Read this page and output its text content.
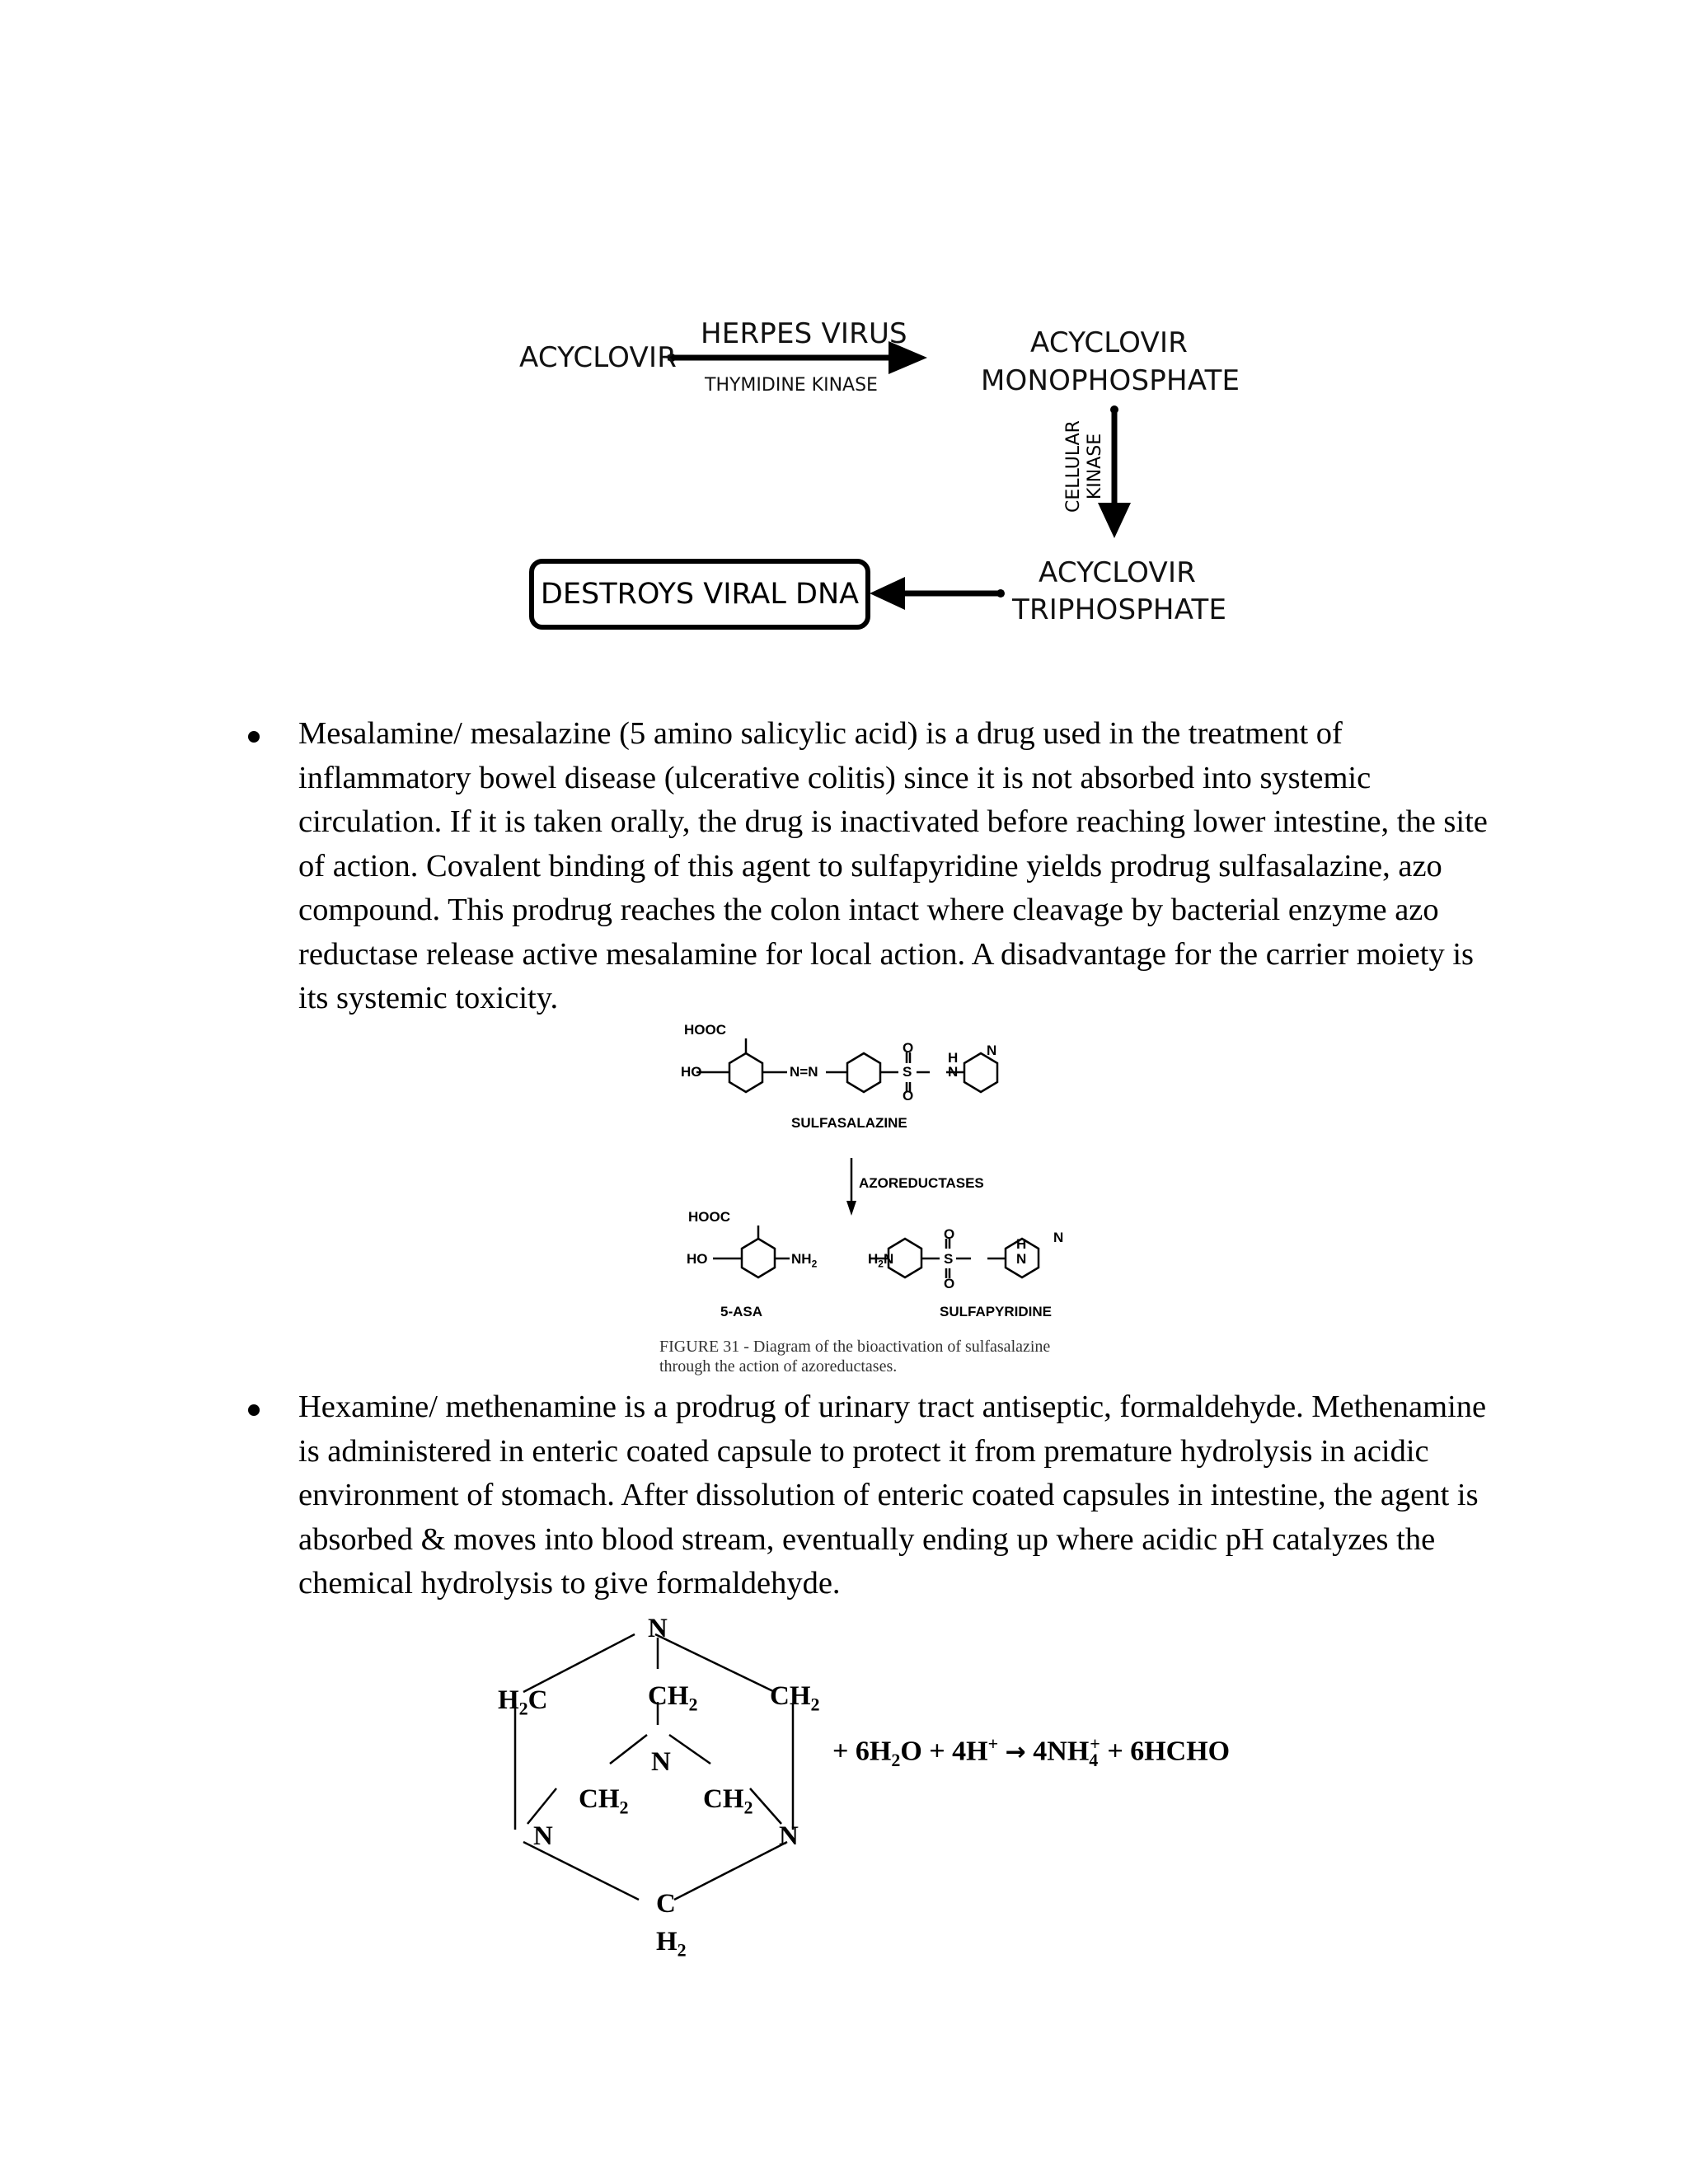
ACYCLOVIR
HERPES VIRUS
THYMIDINE KINASE
ACYCLOVIR
MONOPHOSPHATE
CELLULAR KINASE
ACYCLOVIR
TRIPHOSPHATE
DESTROYS VIRAL DNA
Mesalamine/ mesalazine (5 amino salicylic acid) is a drug used in the treatment of inflammatory bowel disease (ulcerative colitis) since it is not absorbed into systemic circulation. If it is taken orally, the drug is inactivated before reaching lower intestine, the site of action. Covalent binding of this agent to sulfapyridine yields prodrug sulfasalazine, azo compound. This prodrug reaches the colon intact where cleavage by bacterial enzyme azo reductase release active mesalamine for local action. A disadvantage for the carrier moiety is its systemic toxicity.
HOOC
HO	N=N
O
S
O
H
N
N
SULFASALAZINE
AZOREDUCTASES
HOOC
HO	$NH_2$
5-ASA
$H_2N$
O
S
O
H
N
N
SULFAPYRIDINE
FIGURE 31 - Diagram of the bioactivation of sulfasalazine
through the action of azoreductases.
Hexamine/ methenamine is a prodrug of urinary tract antiseptic, formaldehyde. Methenamine is administered in enteric coated capsule to protect it from premature hydrolysis in acidic environment of stomach. After dissolution of enteric coated capsules in intestine, the agent is absorbed & moves into blood stream, eventually ending up where acidic pH catalyzes the chemical hydrolysis to give formaldehyde.
N
$H_2C$	$CH_2$	$CH_2$
N
$CH_2$	$CH_2$
N	N
C
$H_2$
+ $6H_2O + 4H^+ \to 4NH_4^+$ + 6HCHO
